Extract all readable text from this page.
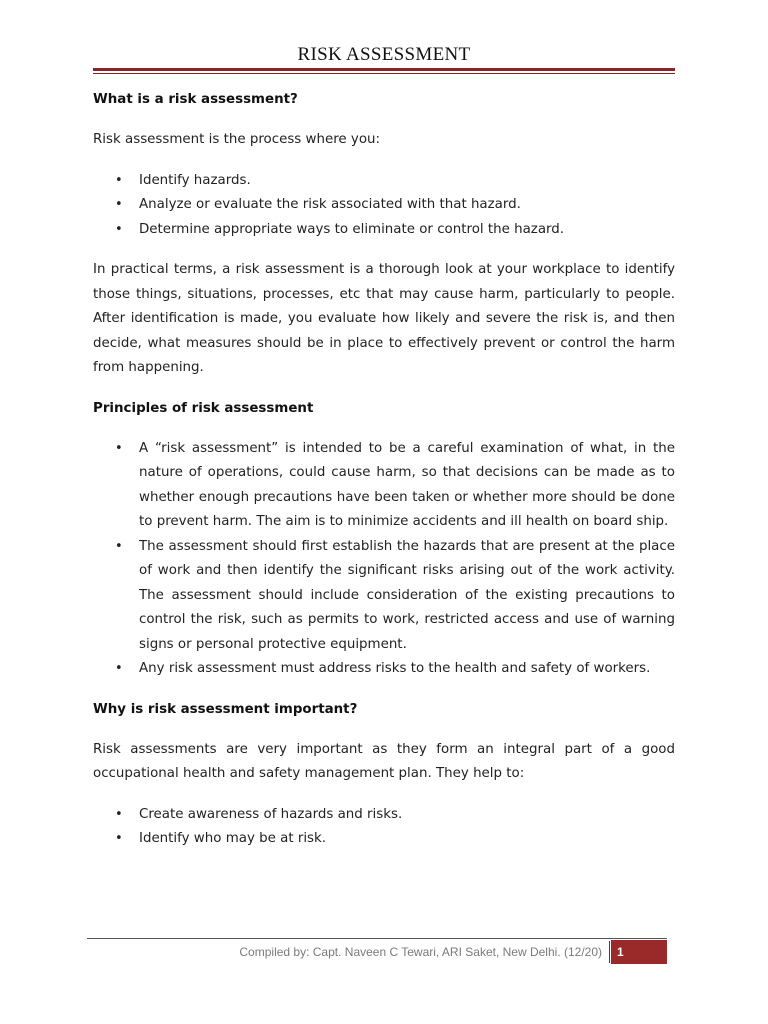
RISK ASSESSMENT
What is a risk assessment?

Risk assessment is the process where you:

• Identify hazards.
• Analyze or evaluate the risk associated with that hazard.
• Determine appropriate ways to eliminate or control the hazard.

In practical terms, a risk assessment is a thorough look at your workplace to identify those things, situations, processes, etc that may cause harm, particularly to people. After identification is made, you evaluate how likely and severe the risk is, and then decide, what measures should be in place to effectively prevent or control the harm from happening.

Principles of risk assessment
• A “risk assessment” is intended to be a careful examination of what, in the nature of operations, could cause harm, so that decisions can be made as to whether enough precautions have been taken or whether more should be done to prevent harm. The aim is to minimize accidents and ill health on board ship.
• The assessment should first establish the hazards that are present at the place of work and then identify the significant risks arising out of the work activity. The assessment should include consideration of the existing precautions to control the risk, such as permits to work, restricted access and use of warning signs or personal protective equipment.
• Any risk assessment must address risks to the health and safety of workers.
Why is risk assessment important?

Risk assessments are very important as they form an integral part of a good occupational health and safety management plan. They help to:

• Create awareness of hazards and risks.
• Identify who may be at risk.
Compiled by: Capt. Naveen C Tewari, ARI Saket, New Delhi. (12/20)	1
